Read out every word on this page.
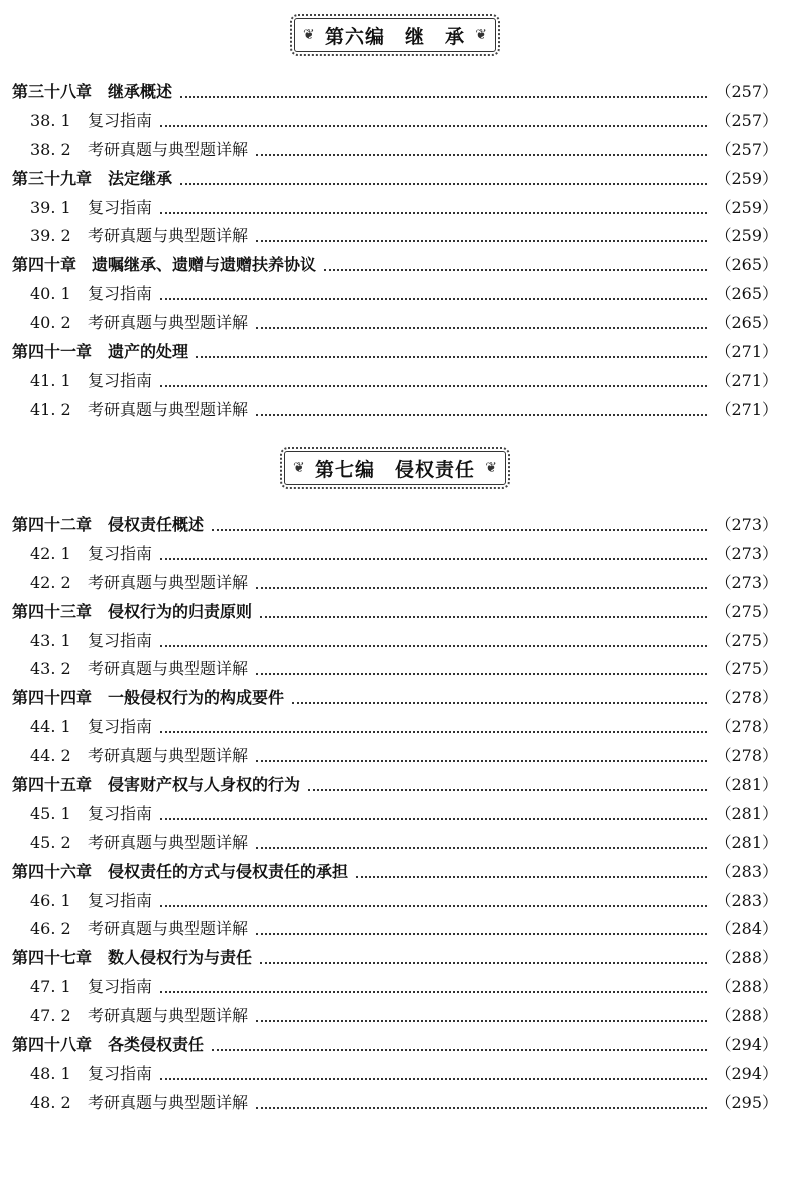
❦ 第六编　继　承 ❦
第三十八章 继承概述	（257）
38. 1	复习指南	（257）
38. 2	考研真题与典型题详解	（257）
第三十九章 法定继承	（259）
39. 1	复习指南	（259）
39. 2	考研真题与典型题详解	（259）
第四十章 遗嘱继承、遗赠与遗赠扶养协议	（265）
40. 1	复习指南	（265）
40. 2	考研真题与典型题详解	（265）
第四十一章 遗产的处理	（271）
41. 1	复习指南	（271）
41. 2	考研真题与典型题详解	（271）
❦ 第七编　侵权责任 ❦
第四十二章 侵权责任概述	（273）
42. 1	复习指南	（273）
42. 2	考研真题与典型题详解	（273）
第四十三章 侵权行为的归责原则	（275）
43. 1	复习指南	（275）
43. 2	考研真题与典型题详解	（275）
第四十四章 一般侵权行为的构成要件	（278）
44. 1	复习指南	（278）
44. 2	考研真题与典型题详解	（278）
第四十五章 侵害财产权与人身权的行为	（281）
45. 1	复习指南	（281）
45. 2	考研真题与典型题详解	（281）
第四十六章 侵权责任的方式与侵权责任的承担	（283）
46. 1	复习指南	（283）
46. 2	考研真题与典型题详解	（284）
第四十七章 数人侵权行为与责任	（288）
47. 1	复习指南	（288）
47. 2	考研真题与典型题详解	（288）
第四十八章 各类侵权责任	（294）
48. 1	复习指南	（294）
48. 2	考研真题与典型题详解	（295）
